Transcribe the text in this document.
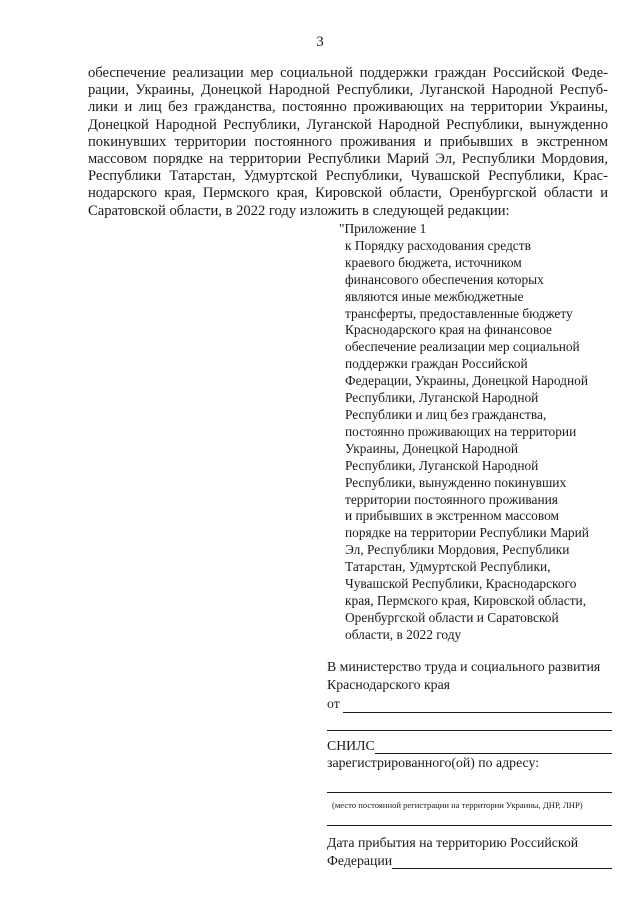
3
обеспечение реализации мер социальной поддержки граждан Российской Феде-
рации, Украины, Донецкой Народной Республики, Луганской Народной Респуб-
лики и лиц без гражданства, постоянно проживающих на территории Украины,
Донецкой Народной Республики, Луганской Народной Республики, вынужденно
покинувших территории постоянного проживания и прибывших в экстренном
массовом порядке на территории Республики Марий Эл, Республики Мордовия,
Республики Татарстан, Удмуртской Республики, Чувашской Республики, Крас-
нодарского края, Пермского края, Кировской области, Оренбургской области и
Саратовской области, в 2022 году изложить в следующей редакции:
"Приложение 1
к Порядку расходования средств
краевого бюджета, источником
финансового обеспечения которых
являются иные межбюджетные
трансферты, предоставленные бюджету
Краснодарского края на финансовое
обеспечение реализации мер социальной
поддержки граждан Российской
Федерации, Украины, Донецкой Народной
Республики, Луганской Народной
Республики и лиц без гражданства,
постоянно проживающих на территории
Украины, Донецкой Народной
Республики, Луганской Народной
Республики, вынужденно покинувших
территории постоянного проживания
и прибывших в экстренном массовом
порядке на территории Республики Марий
Эл, Республики Мордовия, Республики
Татарстан, Удмуртской Республики,
Чувашской Республики, Краснодарского
края, Пермского края, Кировской области,
Оренбургской области и Саратовской
области, в 2022 году
В министерство труда и социального развития
Краснодарского края
от
СНИЛС
зарегистрированного(ой) по адресу:
(место постоянной регистрации на территории Украины, ДНР, ЛНР)
Дата прибытия на территорию Российской
Федерации
